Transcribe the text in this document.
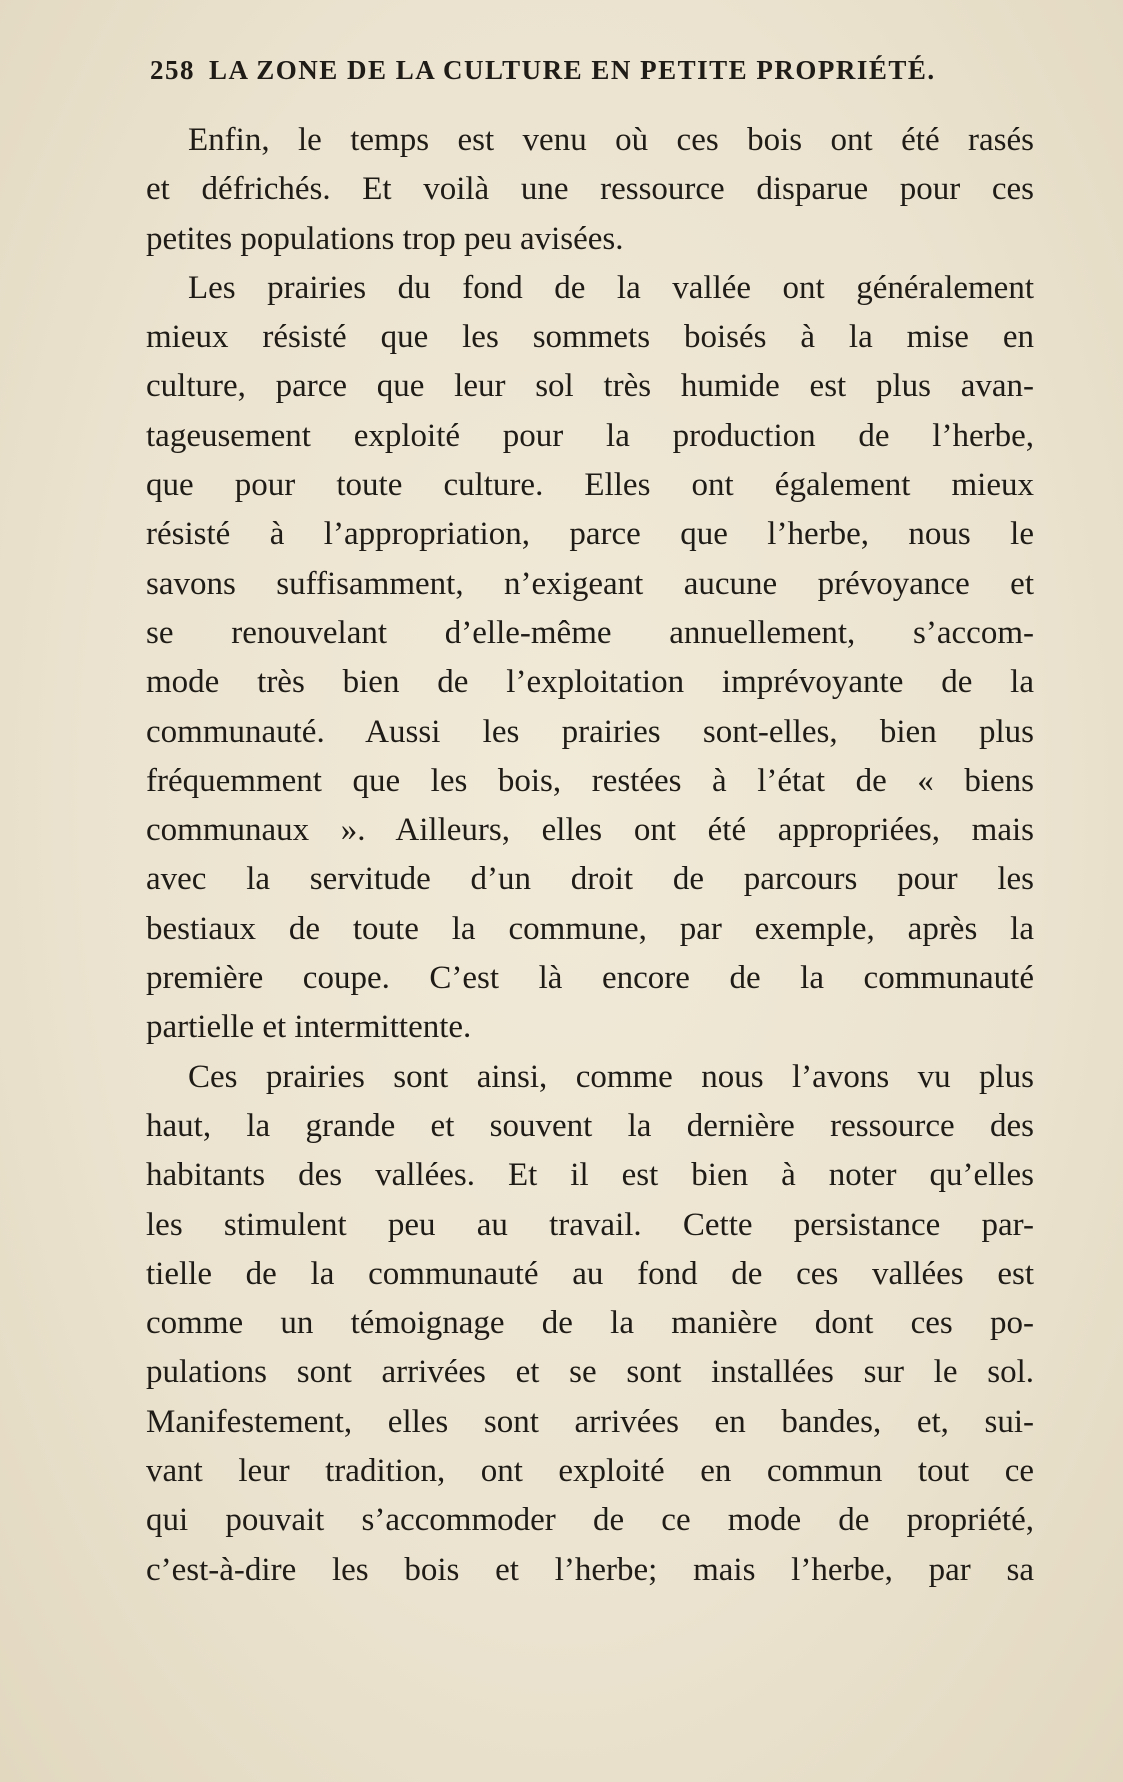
258 LA ZONE DE LA CULTURE EN PETITE PROPRIÉTÉ.
Enfin, le temps est venu où ces bois ont été rasés
et défrichés. Et voilà une ressource disparue pour ces
petites populations trop peu avisées.
Les prairies du fond de la vallée ont généralement
mieux résisté que les sommets boisés à la mise en
culture, parce que leur sol très humide est plus avan-
tageusement exploité pour la production de l’herbe,
que pour toute culture. Elles ont également mieux
résisté à l’appropriation, parce que l’herbe, nous le
savons suffisamment, n’exigeant aucune prévoyance et
se renouvelant d’elle-même annuellement, s’accom-
mode très bien de l’exploitation imprévoyante de la
communauté. Aussi les prairies sont-elles, bien plus
fréquemment que les bois, restées à l’état de « biens
communaux ». Ailleurs, elles ont été appropriées, mais
avec la servitude d’un droit de parcours pour les
bestiaux de toute la commune, par exemple, après la
première coupe. C’est là encore de la communauté
partielle et intermittente.
Ces prairies sont ainsi, comme nous l’avons vu plus
haut, la grande et souvent la dernière ressource des
habitants des vallées. Et il est bien à noter qu’elles
les stimulent peu au travail. Cette persistance par-
tielle de la communauté au fond de ces vallées est
comme un témoignage de la manière dont ces po-
pulations sont arrivées et se sont installées sur le sol.
Manifestement, elles sont arrivées en bandes, et, sui-
vant leur tradition, ont exploité en commun tout ce
qui pouvait s’accommoder de ce mode de propriété,
c’est-à-dire les bois et l’herbe; mais l’herbe, par sa
